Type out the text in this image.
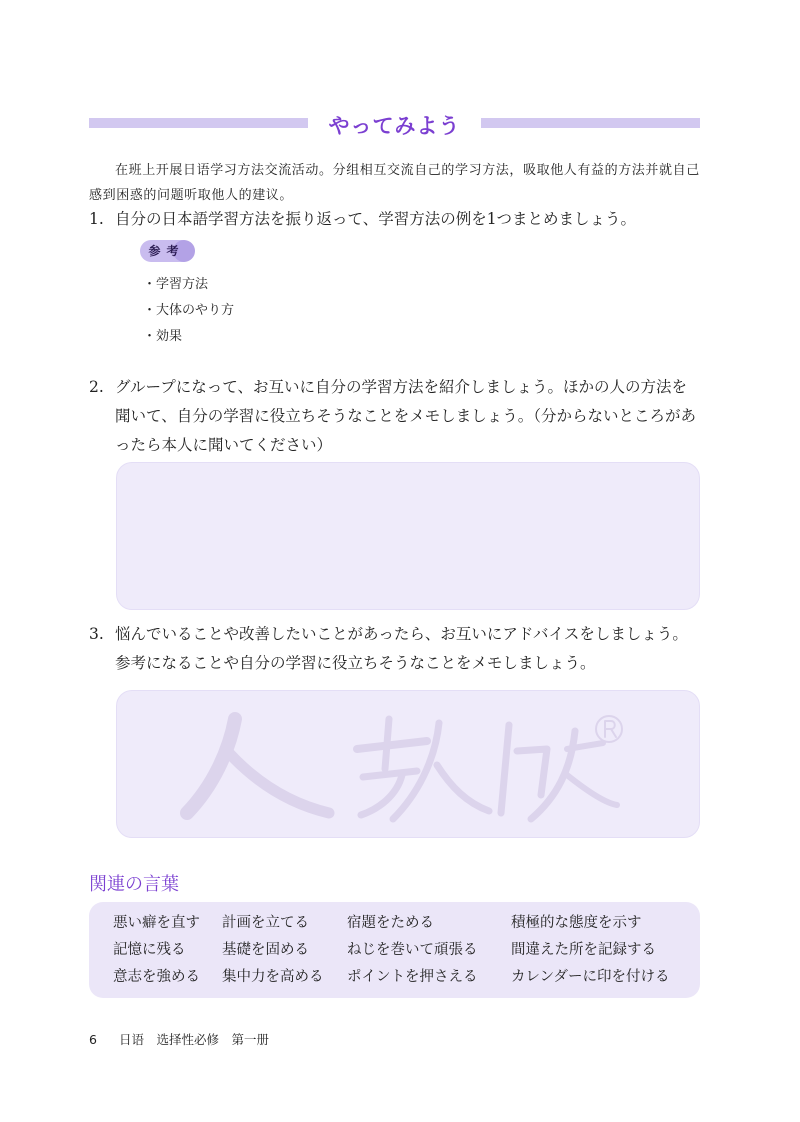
やってみよう

在班上开展日语学习方法交流活动。分组相互交流自己的学习方法，吸取他人有益的方法并就自己感到困惑的问题听取他人的建议。

1. 自分の日本語学習方法を振り返って、学習方法の例を1つまとめましょう。
参考
・学習方法
・大体のやり方
・効果
2. グループになって、お互いに自分の学習方法を紹介しましょう。ほかの人の方法を聞いて、自分の学習に役立ちそうなことをメモしましょう。（分からないところがあったら本人に聞いてください）
3. 悩んでいることや改善したいことがあったら、お互いにアドバイスをしましょう。参考になることや自分の学習に役立ちそうなことをメモしましょう。
関連の言葉
悪い癖を直す 計画を立てる	宿題をためる	積極的な態度を示す
記憶に残る	基礎を固める	ねじを巻いて頑張る 間違えた所を記録する
意志を強める 集中力を高める ポイントを押さえる カレンダーに印を付ける
6 日语　选择性必修　第一册
